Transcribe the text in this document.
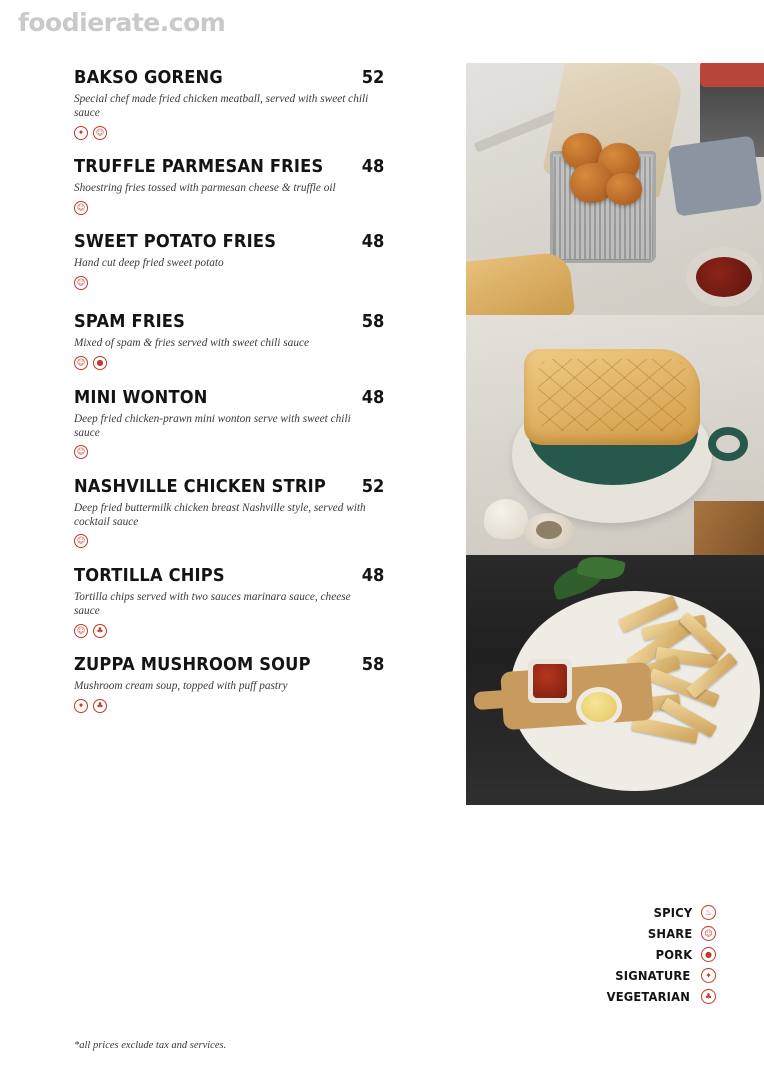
foodierate.com
BAKSO GORENG	52
Special chef made fried chicken meatball, served with sweet chili sauce
✦	☺
TRUFFLE PARMESAN FRIES 48
Shoestring fries tossed with parmesan cheese & truffle oil
☺
SWEET POTATO FRIES	48
Hand cut deep fried sweet potato
☺
SPAM FRIES	58
Mixed of spam & fries served with sweet chili sauce
☺	●
MINI WONTON	48
Deep fried chicken-prawn mini wonton serve with sweet chili sauce
☺
NASHVILLE CHICKEN STRIP 52
Deep fried buttermilk chicken breast Nashville style, served with cocktail sauce
☺
TORTILLA CHIPS	48
Tortilla chips served with two sauces marinara sauce, cheese sauce
☺	♣
ZUPPA MUSHROOM SOUP	58
Mushroom cream soup, topped with puff pastry
✦	♣
SPICY	♨
SHARE	☺
PORK	●
SIGNATURE	✦
VEGETARIAN	♣
*all prices exclude tax and services.
